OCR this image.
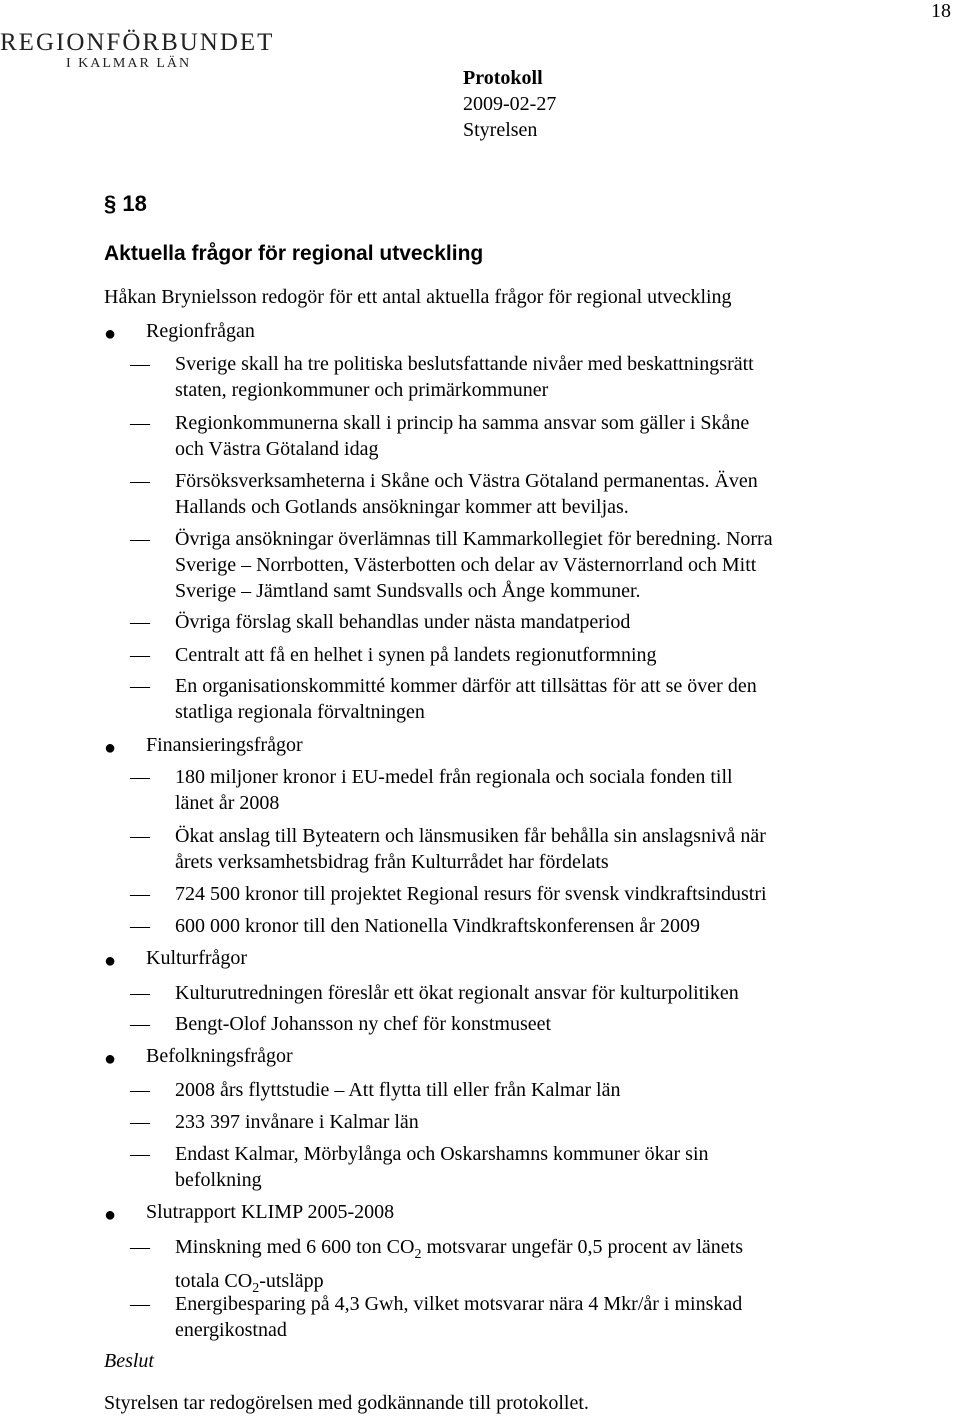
18
REGIONFÖRBUNDET
I KALMAR LÄN
Protokoll
2009-02-27
Styrelsen
§ 18
Aktuella frågor för regional utveckling
Håkan Brynielsson redogör för ett antal aktuella frågor för regional utveckling
● Regionfrågan
—	Sverige skall ha tre politiska beslutsfattande nivåer med beskattningsrätt
staten, regionkommuner och primärkommuner
—	Regionkommunerna skall i princip ha samma ansvar som gäller i Skåne
och Västra Götaland idag
—	Försöksverksamheterna i Skåne och Västra Götaland permanentas. Även
Hallands och Gotlands ansökningar kommer att beviljas.
—	Övriga ansökningar överlämnas till Kammarkollegiet för beredning. Norra
Sverige – Norrbotten, Västerbotten och delar av Västernorrland och Mitt
Sverige – Jämtland samt Sundsvalls och Ånge kommuner.
—	Övriga förslag skall behandlas under nästa mandatperiod
—	Centralt att få en helhet i synen på landets regionutformning
—	En organisationskommitté kommer därför att tillsättas för att se över den
statliga regionala förvaltningen
● Finansieringsfrågor
—	180 miljoner kronor i EU-medel från regionala och sociala fonden till
länet år 2008
—	Ökat anslag till Byteatern och länsmusiken får behålla sin anslagsnivå när
årets verksamhetsbidrag från Kulturrådet har fördelats
—	724 500 kronor till projektet Regional resurs för svensk vindkraftsindustri
—	600 000 kronor till den Nationella Vindkraftskonferensen år 2009
● Kulturfrågor
—	Kulturutredningen föreslår ett ökat regionalt ansvar för kulturpolitiken
—	Bengt-Olof Johansson ny chef för konstmuseet
● Befolkningsfrågor
—	2008 års flyttstudie – Att flytta till eller från Kalmar län
—	233 397 invånare i Kalmar län
—	Endast Kalmar, Mörbylånga och Oskarshamns kommuner ökar sin
befolkning
● Slutrapport KLIMP 2005-2008
—	Minskning med 6 600 ton $CO_2$ motsvarar ungefär 0,5 procent av länets
totala $CO_2$-utsläpp
—	Energibesparing på 4,3 Gwh, vilket motsvarar nära 4 Mkr/år i minskad
energikostnad
Beslut
Styrelsen tar redogörelsen med godkännande till protokollet.
